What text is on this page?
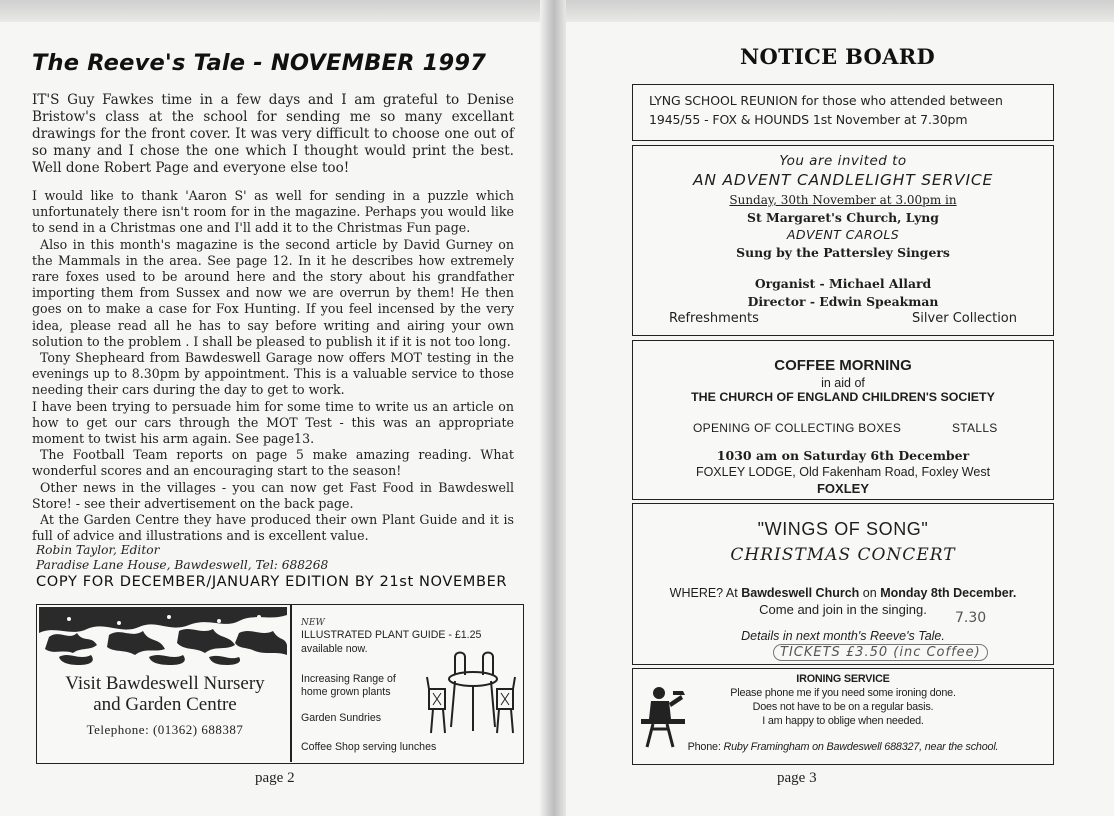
The Reeve's Tale - NOVEMBER 1997

IT'S Guy Fawkes time in a few days and I am grateful to Denise Bristow's class at the school for sending me so many excellant drawings for the front cover. It was very difficult to choose one out of so many and I chose the one which I thought would print the best. Well done Robert Page and everyone else too!

I would like to thank 'Aaron S' as well for sending in a puzzle which unfortunately there isn't room for in the magazine. Perhaps you would like to send in a Christmas one and I'll add it to the Christmas Fun page.

Also in this month's magazine is the second article by David Gurney on the Mammals in the area. See page 12. In it he describes how extremely rare foxes used to be around here and the story about his grandfather importing them from Sussex and now we are overrun by them! He then goes on to make a case for Fox Hunting. If you feel incensed by the very idea, please read all he has to say before writing and airing your own solution to the problem . I shall be pleased to publish it if it is not too long.

Tony Shepheard from Bawdeswell Garage now offers MOT testing in the evenings up to 8.30pm by appointment. This is a valuable service to those needing their cars during the day to get to work.

I have been trying to persuade him for some time to write us an article on how to get our cars through the MOT Test - this was an appropriate moment to twist his arm again. See page13.

The Football Team reports on page 5 make amazing reading. What wonderful scores and an encouraging start to the season!

Other news in the villages - you can now get Fast Food in Bawdeswell Store! - see their advertisement on the back page.

At the Garden Centre they have produced their own Plant Guide and it is full of advice and illustrations and is excellent value.

Robin Taylor, Editor
Paradise Lane House, Bawdeswell, Tel: 688268
COPY FOR DECEMBER/JANUARY EDITION BY 21st NOVEMBER
Visit Bawdeswell Nursery
and Garden Centre
Telephone: (01362) 688387
NEW
ILLUSTRATED PLANT GUIDE - £1.25
available now.
Increasing Range of
home grown plants
Garden Sundries
Coffee Shop serving lunches
page 2
NOTICE BOARD
LYNG SCHOOL REUNION for those who attended between 1945/55 - FOX & HOUNDS 1st November at 7.30pm
You are invited to
AN ADVENT CANDLELIGHT SERVICE
Sunday, 30th November at 3.00pm in
St Margaret's Church, Lyng
ADVENT CAROLS
Sung by the Pattersley Singers
Organist - Michael Allard
Director - Edwin Speakman
Refreshments	Silver Collection
COFFEE MORNING
in aid of
THE CHURCH OF ENGLAND CHILDREN'S SOCIETY
OPENING OF COLLECTING BOXES	STALLS
1030 am on Saturday 6th December
FOXLEY LODGE, Old Fakenham Road, Foxley West
FOXLEY
"WINGS OF SONG"
CHRISTMAS CONCERT
WHERE? At Bawdeswell Church on Monday 8th December.
Come and join in the singing.
7.30
Details in next month's Reeve's Tale.
TICKETS £3.50 (inc Coffee)
IRONING SERVICE
Please phone me if you need some ironing done.
Does not have to be on a regular basis.
I am happy to oblige when needed.
Phone: Ruby Framingham on Bawdeswell 688327, near the school.
page 3
